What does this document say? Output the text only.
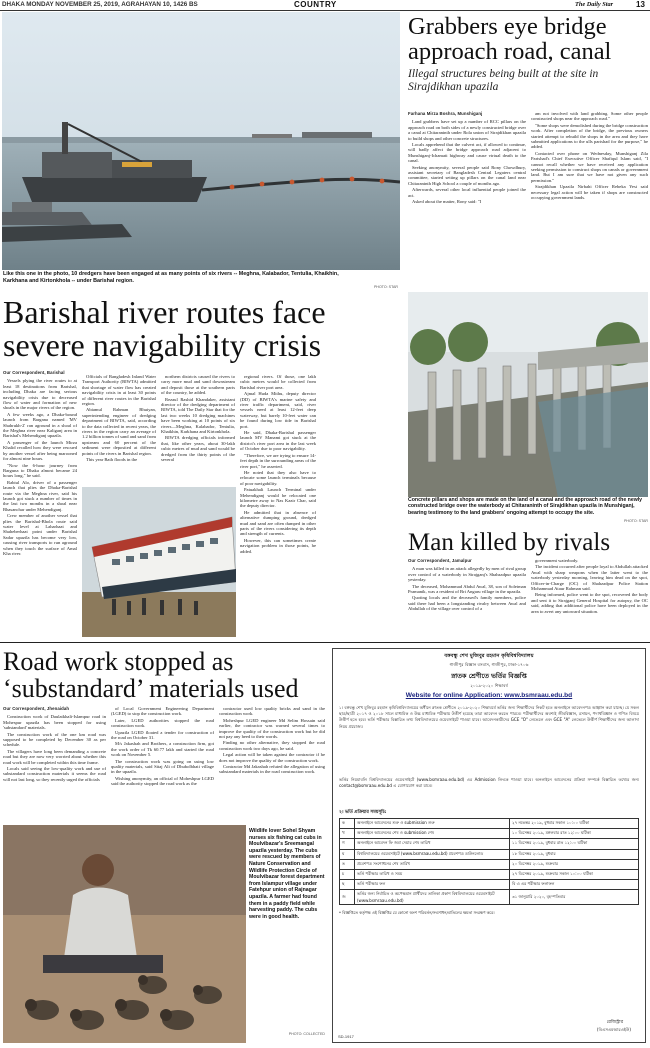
DHAKA MONDAY NOVEMBER 25, 2019, AGRAHAYAN 10, 1426 BS	COUNTRY	The Daily Star	13
Like this one in the photo, 10 dredgers have been engaged at as many points of six rivers -- Meghna, Kalabador, Tentulia, Khaikhin, Karkhana and Kirtonkhola -- under Barishal region.
PHOTO: STAR
Barishal river routes face
severe navigability crisis
Our Correspondent, Barishal

Vessels plying the river routes to at least 18 destinations from Barishal, including Dhaka are facing serious navigability crisis due to decreased flow of water and formation of new shoals in the major rivers of the region.

A few weeks ago, a Dhaka-bound launch from Bargana named 'MV Shahrukh-2' ran aground in a shoal of the Meghna river near Kaliganj area in Barishal's Mehendiganj upazila.

A passenger of the launch Mirza Khalid recalled how they were rescued by another vessel after being marooned for almost nine hours.

"Now the 6-hour journey from Barguna to Dhaka almost became 24 hours long," he said.

Rabiul Alo, driver of a passenger launch that plies the Dhaka-Barishal route via the Meghna river, said his launch got stuck a number of times in the last two months in a shoal near Bhasanchar under Mehendiganj.

Crew member of another vessel that plies the Barishal-Bhola route said water level at Laharhaat and Shaheberhaat point under Barishal Sadar upazila has become very low, causing river transports to run aground when they touch the surface of Amal Kha river.

Officials of Bangladesh Inland Water Transport Authority (BIWTA) admitted that shortage of water flow has created navigability crisis in at least 30 points of different river routes in the Barishal region.

Abiamul Rahman Bhuiyan, superintending engineer of dredging department of BIWTA, said, according to the data collected in recent years, the rivers in the region carry an average of 1.2 billion tonnes of sand and sand from upstream and 60 percent of the sediment were deposited at different points of the rivers in Barishal region.

This year Bath floods in the

northern districts caused the rivers to carry more mud and sand downstream and deposit those at the southern parts of the country, he added.

Rezaul Rashid Khandaker, assistant director of the dredging department of BIWTA, told The Daily Star that for the last two weeks 10 dredging machines have been working at 10 points of six rivers—Meghna, Kalabador, Tentulia, Khaikhin, Karkhana and Kirtonkhola.

BIWTA dredging officials informed that, like other years, about 30-lakh cubic metres of mud and sand would be dredged from the thirty points of the several

regional rivers. Of those, one lakh cubic metres would be collected from Barishal river port area.

Ajmal Huda Mithu, deputy director (DD) of BIWTA's marine safety and river traffic department, said, river vessels need at least 12-feet deep waterway, but barely 10-feet water can be found during low tide in Barishal port.

He said, Dhaka-Barishal passenger launch MV Manami got stuck at the district's river port area in the last week of October due to poor navigability.

"Therefore, we are trying to ensure 14-feet depth in the surrounding areas of the river port," he asserted.

He noted that they also have to relocate some launch terminals because of poor navigability.

Patuakhali Launch Terminal under Mehendiganj would be relocated one kilometre away to Nas Kazir Char, said the deputy director.

He admitted that in absence of alternative dumping ground, dredged mud and sand are often dumped in other parts of the rivers considering its depth and strength of currents.

However, this can sometimes create navigation problem in those points, he added.

Grabbers eye bridge
approach road, canal
Illegal structures being built at the site in
Sirajdikhan upazila
Farhana Mirza Boshra, Munshiganj

Land grabbers have set up a number of RCC pillars on the approach road on both sides of a newly constructed bridge over a canal at Chitaraninth under Rola union of Sirajdikhan upazila to build shops and other concrete structures.

Locals apprehend that the culvert act, if allowed to continue, will badly affect the bridge approach road adjacent to Munshiganj-Ichamati highway and cause virtual death to the canal.

Seeking anonymity, several people said Rony Chowdhury, assistant secretary of Bangladesh Central Legaters central committee, started setting up pillars on the canal land near Chitaraninth High School a couple of months ago.

Afterwards, several other local influential people joined the act.

Asked about the matter, Rony said: "I

am not involved with land grabbing. Some other people constructed shops near the approach road."

"Some shops were demolished during the bridge construction work. After completion of the bridge, the previous owners started attempt to rebuild the shops in the area and they have submitted applications to the ulls parishad for the purpose," he added.

Contacted over phone on Wednesday, Munshiganj Zila Parishad's Chief Executive Officer Shafiqul Islam said, "I cannot recall whether we have received any application seeking permission to construct shops on canals or government land. But I am sure that we have not given any such permission."

Sirajdikhan Upazila Nirbahi Officer Rebeka Yesi said necessary legal action will be taken if shops are constructed occupying government lands.

Concrete pillars and shops are made on the land of a canal and the approach road of the newly constructed bridge over the waterbody at Chitaraninth of Sirajdikhan upazila in Munshiganj, bearing testimony to the land grabbers' ongoing attempt to occupy the site.
PHOTO: STAR
Man killed by rivals
Our Correspondent, Jamalpur

A man was killed in an attack allegedly by men of rival group over control of a waterbody in Sirajganj's Shahzadpur upazila yesterday.

The deceased, Mohammad Abdul Awal, 38, son of Soleiman Pramanik, was a resident of Bri Angaru village in the upazila.

Quoting locals and the deceased's family members, police said there had been a longstanding rivalry between Awal and Abdullah of the village over control of a

government waterbody.

The incident occurred after people loyal to Abdullah attacked Awal with sharp weapons when the latter went to the waterbody yesterday morning, leaving him dead on the spot, Officer-in-Charge (OC) of Shahzadpur Police Station Mohammad Ataur Rahman said.

Being informed, police went to the spot, recovered the body and sent it to Sirajganj General Hospital for autopsy, the OC said, adding that additional police have been deployed in the area to avert any untoward situation.

Road work stopped as
‘substandard’ materials used
Our Correspondent, Jhenaidah

Construction work of Daulatkhali-Islampur road in Mohespur upazila has been stopped for using 'substandard' materials.

The construction work of the one km road was supposed to be completed by December 30 as per schedule.

The villagers have long been demanding a concrete road but they are now very worried about whether this road work will be completed within this time frame.

Locals said seeing the low-quality work and use of substandard construction materials it seems the road will not last long, so they recently urged the officials

of Local Government Engineering Department (LGED) to stop the construction work.

Later, LGED authorities stopped the road construction work.

Upazila LGED floated a tender for construction of the road on October 31.

M/s Jakashah and Brothers, a construction firm, got the work order of Tk 60.77 lakh and started the road work on November 5.

The construction work was going on using low quality materials, said Sitaj Ali of Dhubolbhati village in the upazila.

Wishing anonymity, an official of Moheshpur LGED said the authority stopped the road work as the

contractor used low quality bricks and sand in the construction work.

Moheshpur LGED engineer Md Selim Hossain said earlier, the contractor was warned several times to improve the quality of the construction work but he did not pay any heed to their words.

Finding no other alternative, they stopped the road construction work two days ago, he said.

Legal action will be taken against the contractor if he does not improve the quality of the construction work.

Contractor Md Jakashah refuted the allegation of using substandard materials in the road construction work.

Wildlife lover Sohel Shyam nurses six fishing cat cubs in Moulvibazar's Sreemangal upazila yesterday. The cubs were rescued by members of Nature Conservation and Wildlife Protection Circle of Moulvibazar forest department from Islampur village under Fatehpur union of Rajnagar upazila. A farmer had found them in a paddy field while harvesting paddy. The cubs were in good health.
PHOTO: COLLECTED
বঙ্গবন্ধু শেখ মুজিবুর রহমান কৃষিবিশ্ববিদ্যালয়
গাজীপুর বিজ্ঞান বসবাস, গাজীপুর, ঢাকা-১৭০৬
স্নাতক শ্রেণীতে ভর্তির বিজ্ঞপ্তি
২০১৯-২০২০ শিক্ষাবর্ষ
Website for online Application: www.bsmraau.edu.bd
১। বঙ্গবন্ধু শেখ মুজিবুর রহমান কৃষিবিশ্ববিদ্যালয়ের অধীনে স্নাতক শ্রেণীতে ২০১৯-২০২০ শিক্ষাবর্ষে ভর্তির জন্য শিক্ষার্থীদের নিকট হতে অনলাইনে আবেদনপত্র আহ্বান করা যাচ্ছে। যে সকল ছাত্র/ছাত্রী ২০১৭ ও ২০১৮ সালে মাধ্যমিক ও উচ্চ মাধ্যমিক পরীক্ষায় উত্তীর্ণ হয়েছে তারা আবেদন করতে পারবে। পরীক্ষার্থীদের অবশ্যই জীববিজ্ঞান, রসায়ন, পদার্থবিজ্ঞান ও গণিত বিষয়ে উত্তীর্ণ হতে হবে। ভর্তি পরীক্ষার বিস্তারিত তথ্য বিশ্ববিদ্যালয়ের ওয়েবসাইটে পাওয়া যাবে। আবেদনকারীদের GCE "O" লেভেলে এবং GCE "A" লেভেলে উত্তীর্ণ শিক্ষার্থীদের জন্য আলাদা নিয়ম প্রযোজ্য।
ভর্তির নিয়মাবলি বিশ্ববিদ্যালয়ের ওয়েবসাইটে (www.bsmraau.edu.bd) এর Admission লিংকে পাওয়া যাবে। অনলাইনে আবেদনের প্রক্রিয়া সম্পর্কে বিস্তারিত তথ্যের জন্য contact@bsmraau.edu.bd এ যোগাযোগ করা যাবে।
২। ভর্তি প্রক্রিয়ার সময়সূচি:
ক	অনলাইনে আবেদনের শুরু ও submission শুরু	২৭ নভেম্বর ২০১৯, বুধবার সকাল ১০:০০ ঘটিকা
খ	অনলাইনে আবেদনের শেষ ও submission শেষ	১০ ডিসেম্বর ২০১৯, মঙ্গলবার রাত ১২:০০ ঘটিকা
গ	অনলাইনে আবেদন ফি জমা দেয়ার শেষ তারিখ	১১ ডিসেম্বর ২০১৯, বুধবার রাত ১২:০০ ঘটিকা
ঘ	বিশ্ববিদ্যালয়ের ওয়েবসাইটে (www.bsmraau.edu.bd) প্রবেশপত্র ডাউনলোড	১৮ ডিসেম্বর ২০১৯, বুধবার
ঙ	প্রবেশপত্র সংশোধনের শেষ তারিখ	২০ ডিসেম্বর ২০১৯, শুক্রবার
চ	ভর্তি পরীক্ষার তারিখ ও সময়	২৭ ডিসেম্বর ২০১৯, শুক্রবার সকাল ১০:০০ ঘটিকা
ছ	ভর্তি পরীক্ষার ফল	বি এ এর পরীক্ষার ফলাফল
জ	ভর্তির জন্য নির্বাচিত ও অপেক্ষমান প্রার্থীদের তালিকা প্রকাশ বিশ্ববিদ্যালয়ের ওয়েবসাইটে (www.bsmraau.edu.bd)	৩১ জানুয়ারি ২০২০, বৃহস্পতিবার
* বিজ্ঞপ্তিতে কর্তৃপক্ষ এই বিজ্ঞপ্তির যে কোনো অংশ পরিবর্তন/সংশোধন/বাতিলের ক্ষমতা সংরক্ষণ করে।
রেজিস্ট্রার
(বিএসএমআরএইউ)
SD-1917
